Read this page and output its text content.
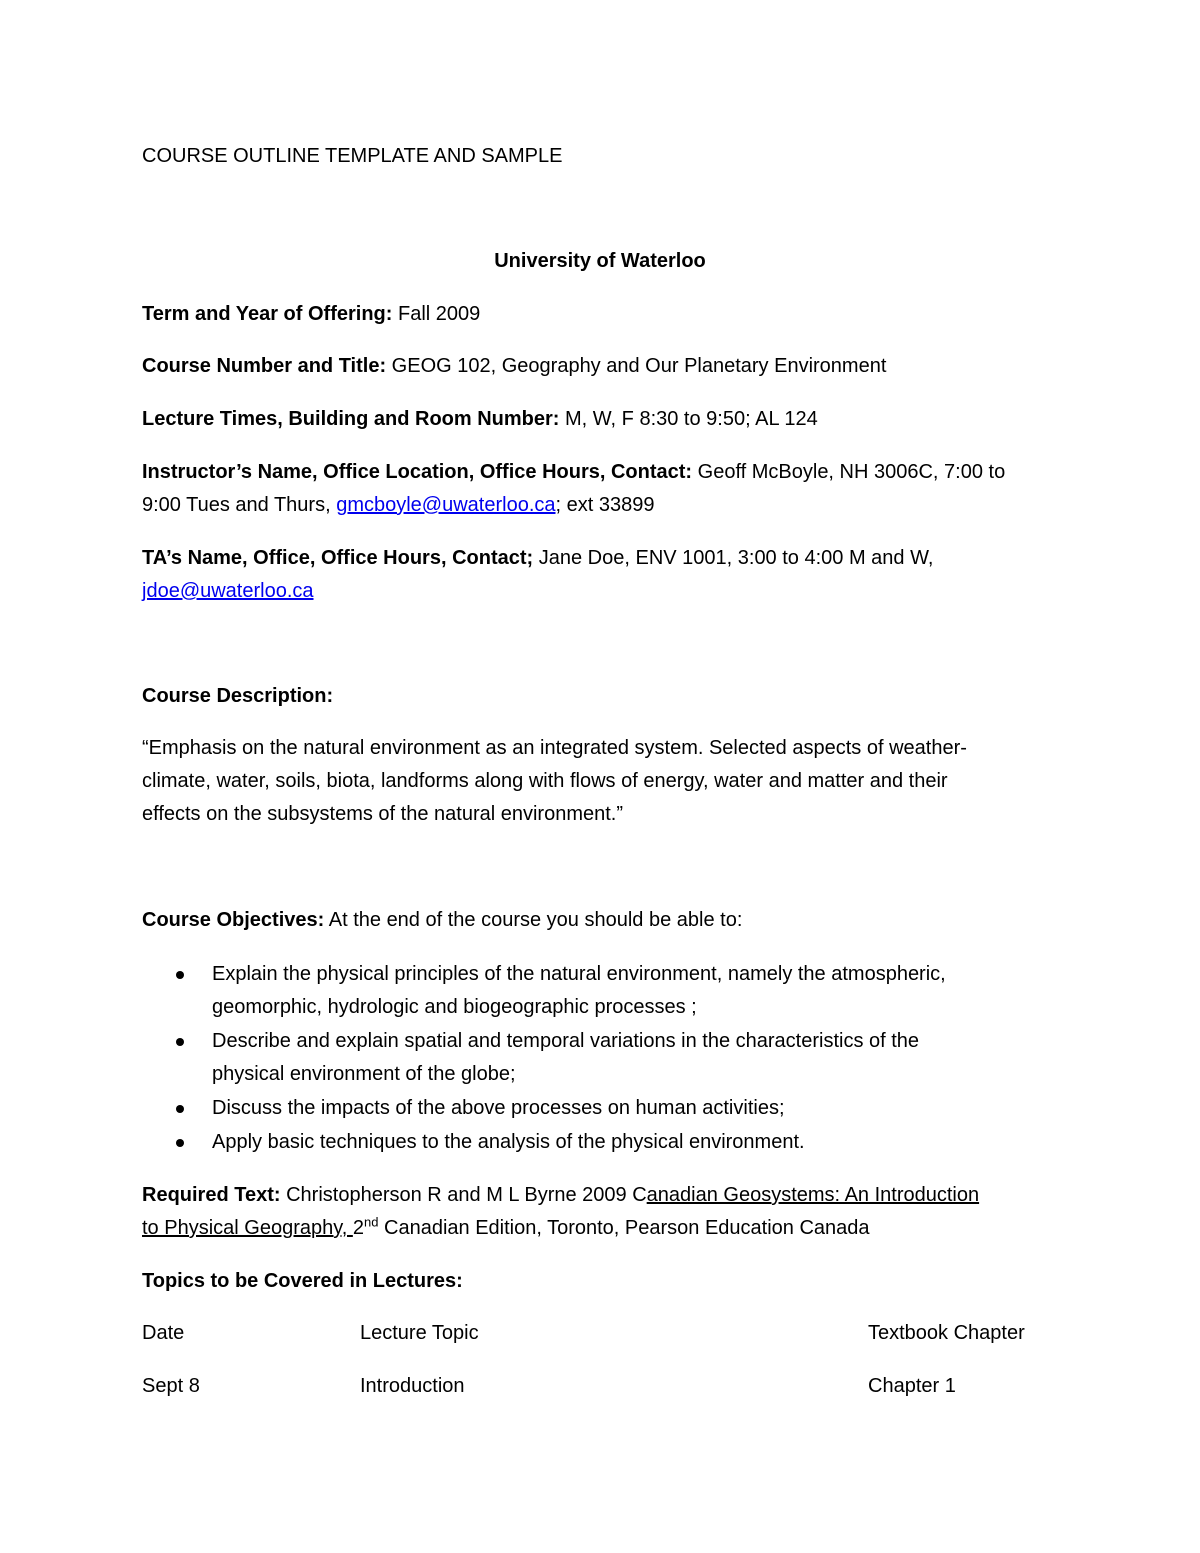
COURSE OUTLINE TEMPLATE AND SAMPLE
University of Waterloo
Term and Year of Offering: Fall 2009
Course Number and Title: GEOG 102, Geography and Our Planetary Environment
Lecture Times, Building and Room Number: M, W, F 8:30 to 9:50; AL 124
Instructor’s Name, Office Location, Office Hours, Contact: Geoff McBoyle, NH 3006C, 7:00 to
9:00 Tues and Thurs, gmcboyle@uwaterloo.ca; ext 33899
TA’s Name, Office, Office Hours, Contact; Jane Doe, ENV 1001, 3:00 to 4:00 M and W,
jdoe@uwaterloo.ca
Course Description:
“Emphasis on the natural environment as an integrated system. Selected aspects of weather-
climate, water, soils, biota, landforms along with flows of energy, water and matter and their
effects on the subsystems of the natural environment.”
Course Objectives: At the end of the course you should be able to:
Explain the physical principles of the natural environment, namely the atmospheric,
geomorphic, hydrologic and biogeographic processes ;
Describe and explain spatial and temporal variations in the characteristics of the
physical environment of the globe;
Discuss the impacts of the above processes on human activities;
Apply basic techniques to the analysis of the physical environment.
Required Text: Christopherson R and M L Byrne 2009 Canadian Geosystems: An Introduction
to Physical Geography, 2nd Canadian Edition, Toronto, Pearson Education Canada
Topics to be Covered in Lectures:
Date	Lecture Topic	Textbook Chapter
Sept 8	Introduction	Chapter 1
